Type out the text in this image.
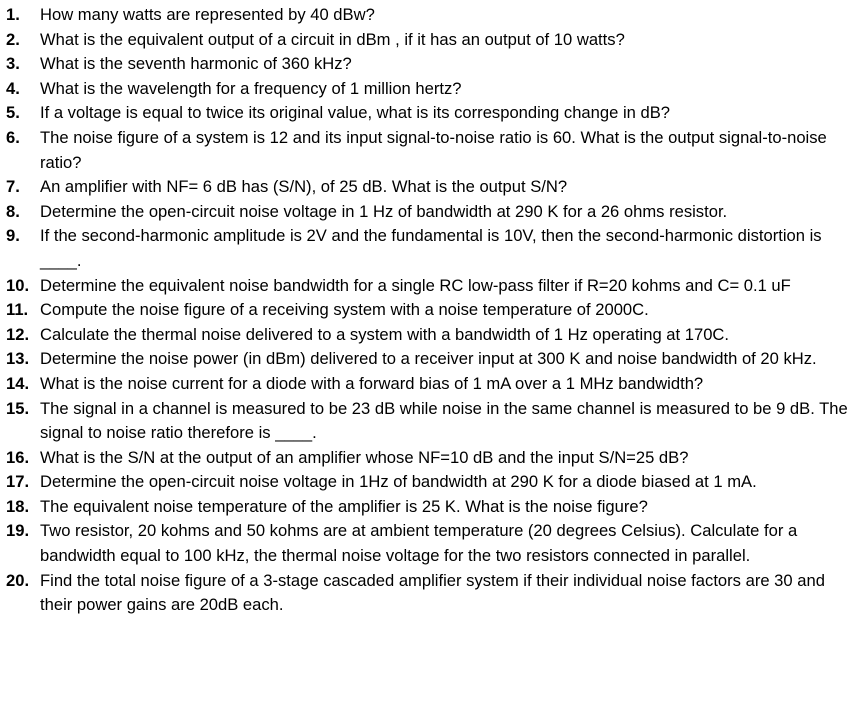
1.	How many watts are represented by 40 dBw?
2.	What is the equivalent output of a circuit in dBm , if it has an output of 10 watts?
3.	What is the seventh harmonic of 360 kHz?
4.	What is the wavelength for a frequency of 1 million hertz?
5.	If a voltage is equal to twice its original value, what is its corresponding change in dB?
6.	The noise figure of a system is 12 and its input signal-to-noise ratio is 60. What is the output signal-to-noise ratio?
7.	An amplifier with NF= 6 dB has (S/N), of 25 dB. What is the output S/N?
8.	Determine the open-circuit noise voltage in 1 Hz of bandwidth at 290 K for a 26 ohms resistor.
9.	If the second-harmonic amplitude is 2V and the fundamental is 10V, then the second-harmonic distortion is ____.
10. Determine the equivalent noise bandwidth for a single RC low-pass filter if R=20 kohms and C= 0.1 uF
11. Compute the noise figure of a receiving system with a noise temperature of 2000C.
12. Calculate the thermal noise delivered to a system with a bandwidth of 1 Hz operating at 170C.
13. Determine the noise power (in dBm) delivered to a receiver input at 300 K and noise bandwidth of 20 kHz.
14. What is the noise current for a diode with a forward bias of 1 mA over a 1 MHz bandwidth?
15. The signal in a channel is measured to be 23 dB while noise in the same channel is measured to be 9 dB. The signal to noise ratio therefore is ____.
16. What is the S/N at the output of an amplifier whose NF=10 dB and the input S/N=25 dB?
17. Determine the open-circuit noise voltage in 1Hz of bandwidth at 290 K for a diode biased at 1 mA.
18. The equivalent noise temperature of the amplifier is 25 K. What is the noise figure?
19. Two resistor, 20 kohms and 50 kohms are at ambient temperature (20 degrees Celsius). Calculate for a bandwidth equal to 100 kHz, the thermal noise voltage for the two resistors connected in parallel.
20. Find the total noise figure of a 3-stage cascaded amplifier system if their individual noise factors are 30 and their power gains are 20dB each.
